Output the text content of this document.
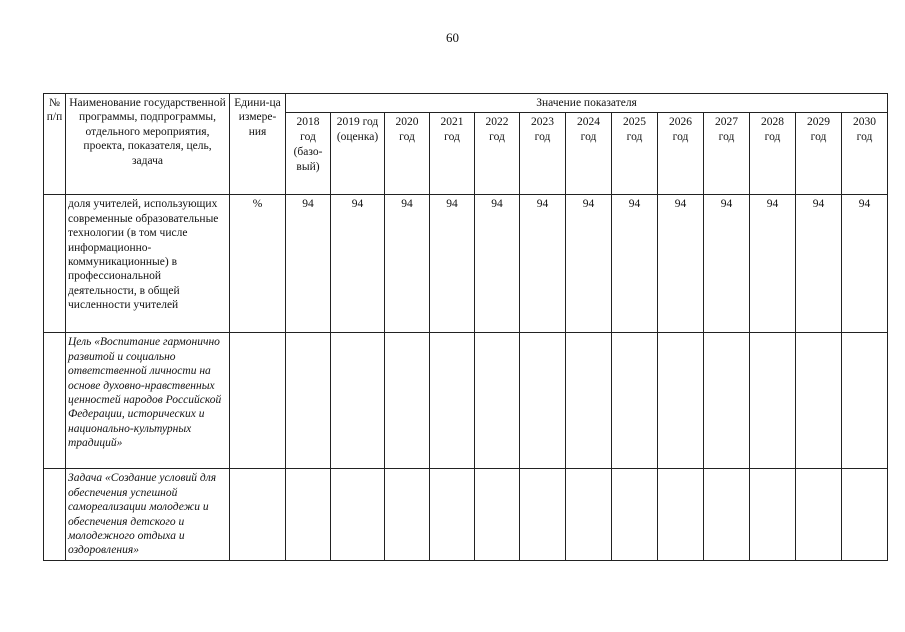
60
№ п/п	Наименование государственной программы, подпрограммы, отдельного мероприятия, проекта, показателя, цель, задача	Едини-ца измере-ния	Значение показателя												
			2018 год (базо-вый)	2019 год (оценка)	2020 год	2021 год	2022 год	2023 год	2024 год	2025 год	2026 год	2027 год	2028 год	2029 год	2030 год
	доля учителей, использующих современные образовательные технологии (в том числе информационно-коммуникационные) в профессиональной деятельности, в общей численности учителей	%	94	94	94	94	94	94	94	94	94	94	94	94	94
	Цель «Воспитание гармонично развитой и социально ответственной личности на основе духовно-нравственных ценностей народов Российской Федерации, исторических и национально-культурных традиций»														
	Задача «Создание условий для обеспечения успешной самореализации молодежи и обеспечения детского и молодежного отдыха и оздоровления»														
